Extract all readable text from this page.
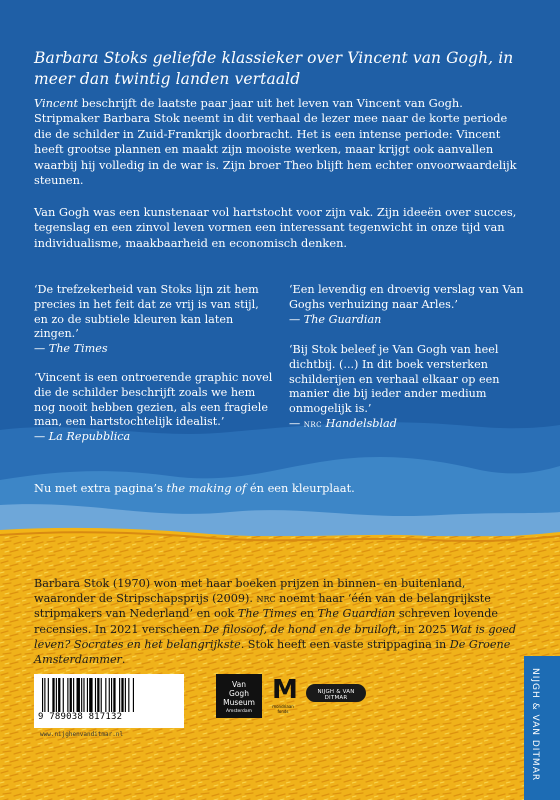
Barbara Stoks geliefde klassieker over Vincent van Gogh, in meer dan twintig landen vertaald
Vincent beschrijft de laatste paar jaar uit het leven van Vincent van Gogh. Stripmaker Barbara Stok neemt in dit verhaal de lezer mee naar de korte periode die de schilder in Zuid-Frankrijk doorbracht. Het is een intense periode: Vincent heeft grootse plannen en maakt zijn mooiste werken, maar krijgt ook aanvallen waarbij hij volledig in de war is. Zijn broer Theo blijft hem echter onvoorwaardelijk steunen.
Van Gogh was een kunstenaar vol hartstocht voor zijn vak. Zijn ideeën over succes, tegenslag en een zinvol leven vormen een interessant tegenwicht in onze tijd van individualisme, maakbaarheid en economisch denken.
‘De trefzekerheid van Stoks lijn zit hem precies in het feit dat ze vrij is van stijl, en zo de subtiele kleuren kan laten zingen.’
— The Times
‘Vincent is een ontroerende graphic novel die de schilder beschrijft zoals we hem nog nooit hebben gezien, als een fragiele man, een hartstochtelijk idealist.’
— La Repubblica
‘Een levendig en droevig verslag van Van Goghs verhuizing naar Arles.’
— The Guardian
‘Bij Stok beleef je Van Gogh van heel dichtbij. (...) In dit boek versterken schilderijen en verhaal elkaar op een manier die bij ieder ander medium onmogelijk is.’
— nrc Handelsblad
Nu met extra pagina’s the making of én een kleurplaat.
Barbara Stok (1970) won met haar boeken prijzen in binnen- en buitenland, waaronder de Stripschapsprijs (2009). nrc noemt haar ‘één van de belangrijkste stripmakers van Nederland’ en ook The Times en The Guardian schreven lovende recensies. In 2021 verscheen De filosoof, de hond en de bruiloft, in 2025 Wat is goed leven? Socrates en het belangrijkste. Stok heeft een vaste strippagina in De Groene Amsterdammer.
9 789038 817132
www.nijghenvanditmar.nl
Van
Gogh
Museum
Amsterdam
M
mondriaan fonds
NIJGH & VAN DITMAR	NIJGH & VAN DITMAR
